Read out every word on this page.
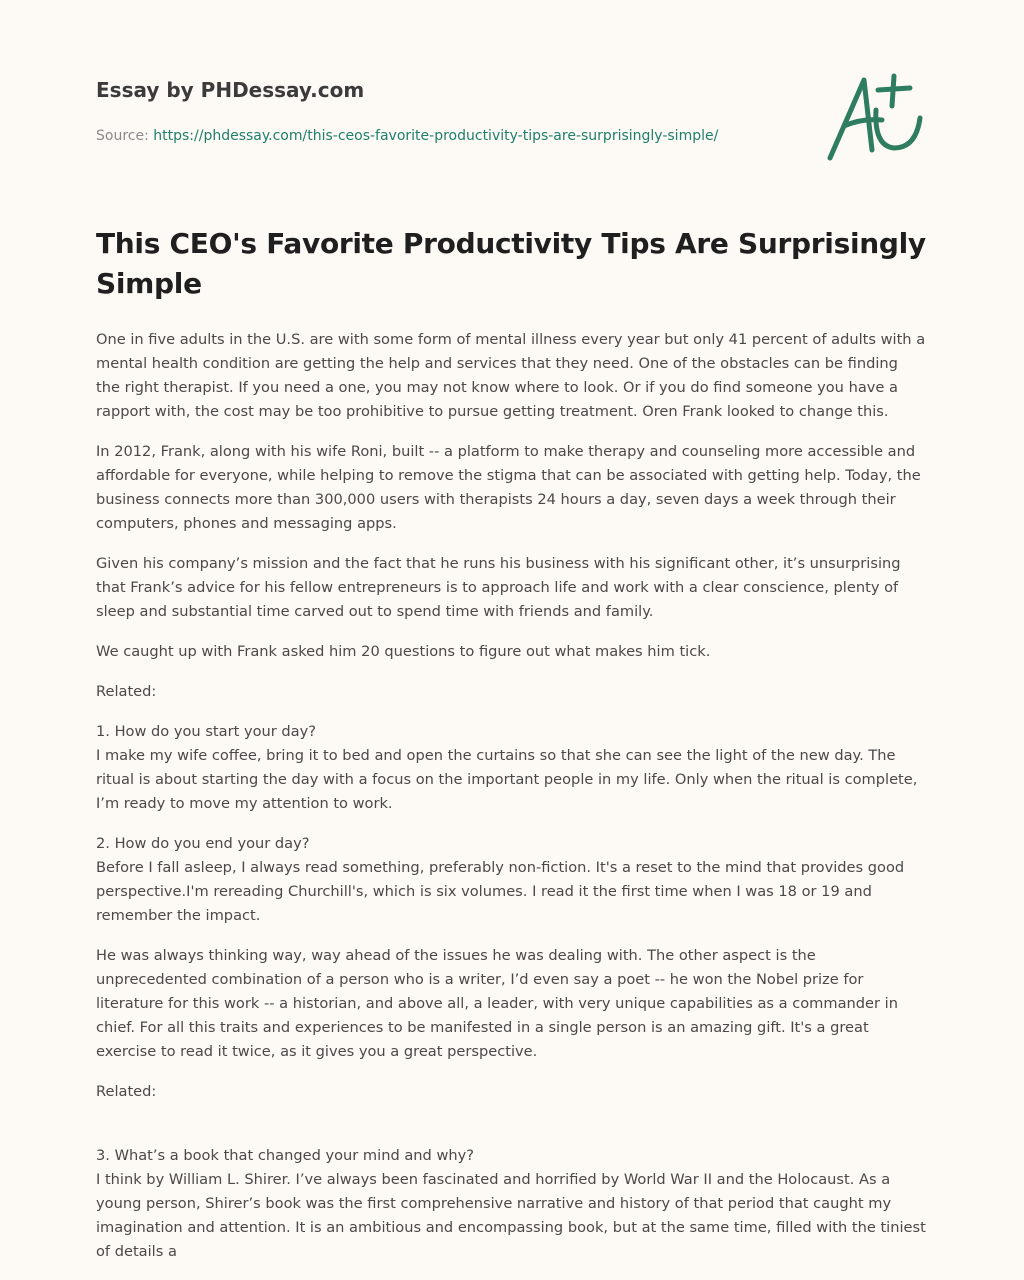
Essay by PHDessay.com

Source: https://phdessay.com/this-ceos-favorite-productivity-tips-are-surprisingly-simple/
This CEO's Favorite Productivity Tips Are Surprisingly Simple

One in five adults in the U.S. are with some form of mental illness every year but only 41 percent of adults with a mental health condition are getting the help and services that they need. One of the obstacles can be finding the right therapist. If you need a one, you may not know where to look. Or if you do find someone you have a rapport with, the cost may be too prohibitive to pursue getting treatment. Oren Frank looked to change this.

In 2012, Frank, along with his wife Roni, built -- a platform to make therapy and counseling more accessible and affordable for everyone, while helping to remove the stigma that can be associated with getting help. Today, the business connects more than 300,000 users with therapists 24 hours a day, seven days a week through their computers, phones and messaging apps.

Given his company’s mission and the fact that he runs his business with his significant other, it’s unsurprising that Frank’s advice for his fellow entrepreneurs is to approach life and work with a clear conscience, plenty of sleep and substantial time carved out to spend time with friends and family.

We caught up with Frank asked him 20 questions to figure out what makes him tick.

Related:

1. How do you start your day?
I make my wife coffee, bring it to bed and open the curtains so that she can see the light of the new day. The ritual is about starting the day with a focus on the important people in my life. Only when the ritual is complete, I’m ready to move my attention to work.

2. How do you end your day?
Before I fall asleep, I always read something, preferably non-fiction. It's a reset to the mind that provides good perspective.I'm rereading Churchill's, which is six volumes. I read it the first time when I was 18 or 19 and remember the impact.

He was always thinking way, way ahead of the issues he was dealing with. The other aspect is the unprecedented combination of a person who is a writer, I’d even say a poet -- he won the Nobel prize for literature for this work -- a historian, and above all, a leader, with very unique capabilities as a commander in chief. For all this traits and experiences to be manifested in a single person is an amazing gift. It's a great exercise to read it twice, as it gives you a great perspective.

Related:

3. What’s a book that changed your mind and why?
I think by William L. Shirer. I’ve always been fascinated and horrified by World War II and the Holocaust. As a young person, Shirer’s book was the first comprehensive narrative and history of that period that caught my imagination and attention. It is an ambitious and encompassing book, but at the same time, filled with the tiniest of details a
